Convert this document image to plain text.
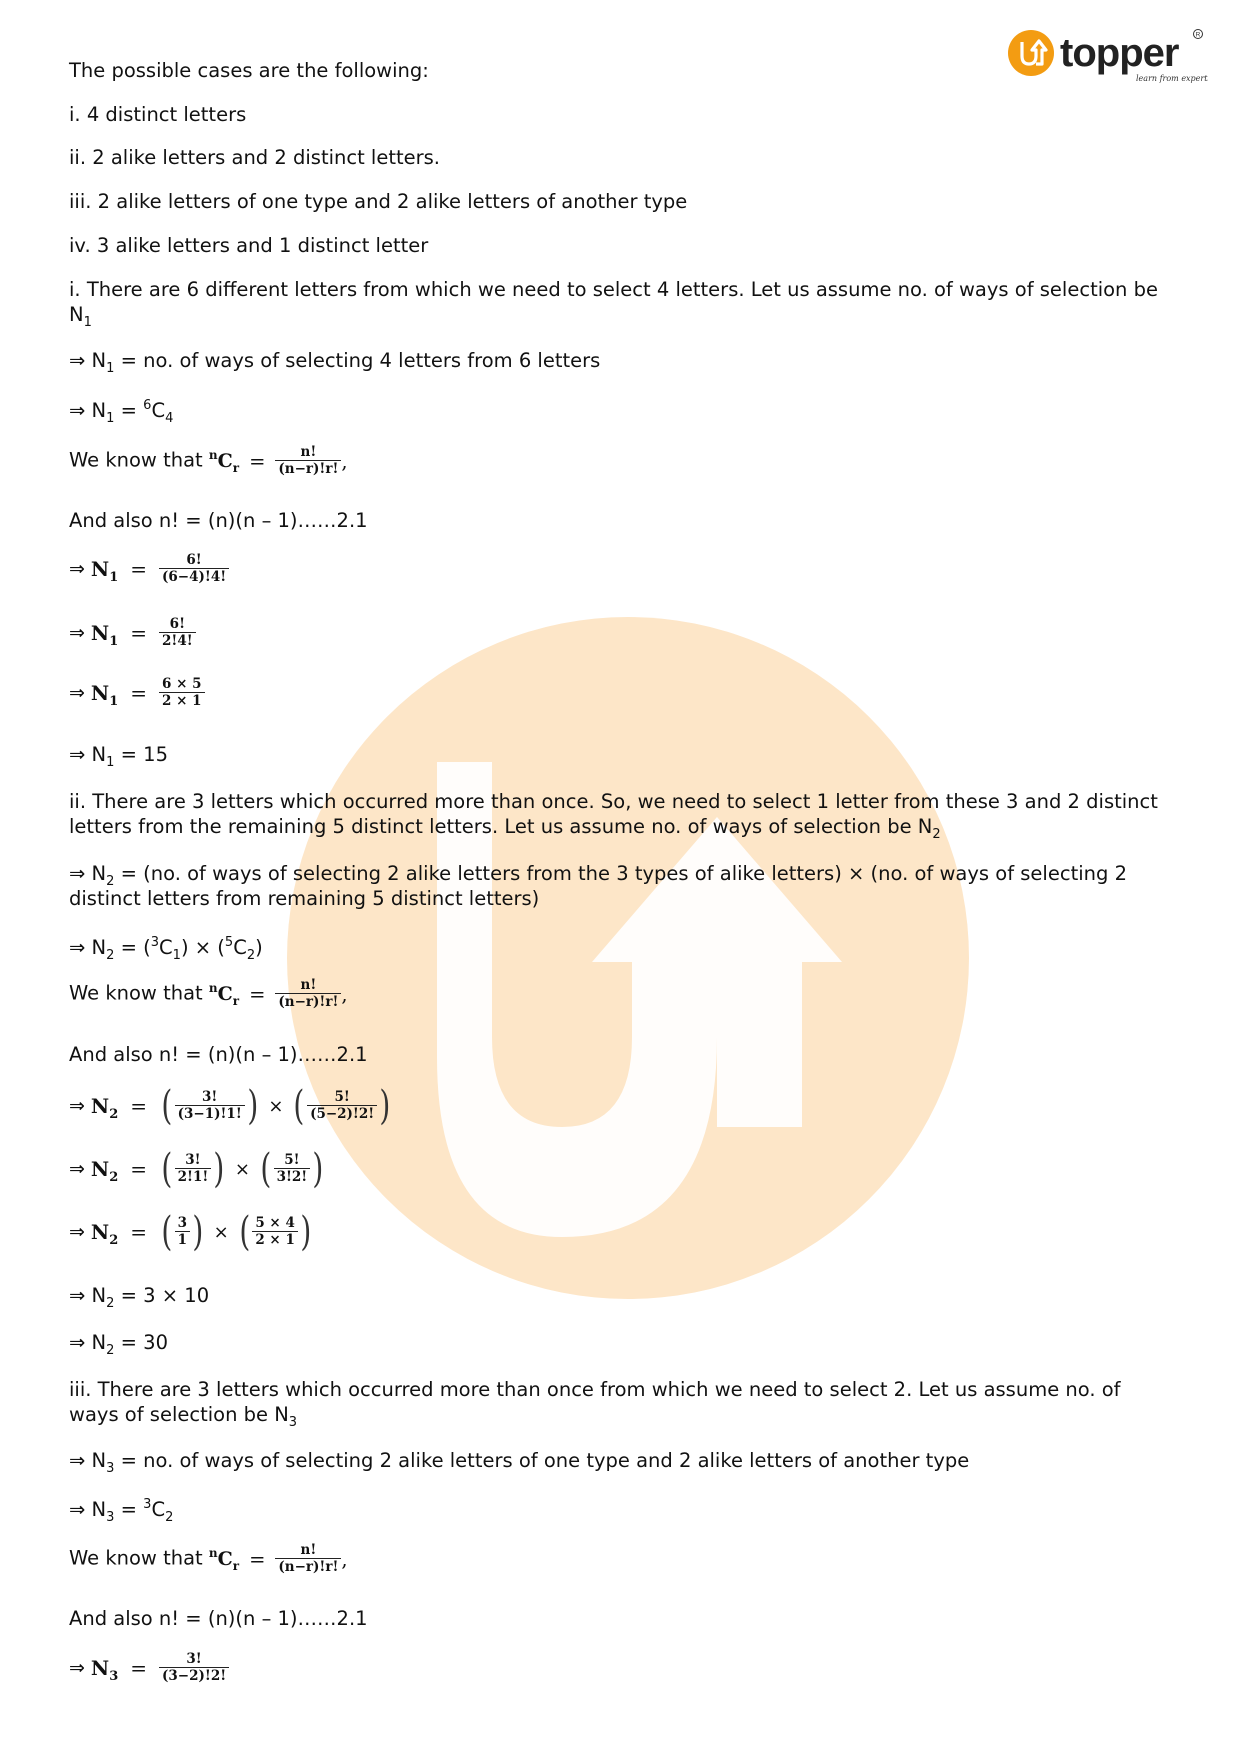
topper	R
learn from experts
The possible cases are the following:
i. 4 distinct letters
ii. 2 alike letters and 2 distinct letters.
iii. 2 alike letters of one type and 2 alike letters of another type
iv. 3 alike letters and 1 distinct letter
i. There are 6 different letters from which we need to select 4 letters. Let us assume no. of ways of selection be $N_1$
⇒ $N_1$ = no. of ways of selecting 4 letters from 6 letters
⇒ $N_1 = ^6C_4$
We know that $^nC_r = \frac{n!}{(n-r)!r!}$ ,
And also n! = (n)(n – 1)……2.1
⇒ $N_1 = \frac{6!}{(6-4)!4!}$
⇒ $N_1 = \frac{6!}{2!4!}$
⇒ $N_1 = \frac{6 \times 5}{2 \times 1}$
⇒ $N_1 = 15$
ii. There are 3 letters which occurred more than once. So, we need to select 1 letter from these 3 and 2 distinct letters from the remaining 5 distinct letters. Let us assume no. of ways of selection be $N_2$
⇒ $N_2 = (no$. of ways of selecting 2 alike letters from the 3 types of alike letters) × (no. of ways of selecting 2 distinct letters from remaining 5 distinct letters)
⇒ $N_2 = (^3C_1) \times (^5C_2)$
We know that $^nC_r = \frac{n!}{(n-r)!r!}$ ,
And also n! = (n)(n – 1)……2.1
⇒ $N_2$ = ( $\frac{3!}{(3-1)!1!}$ ) × ( $\frac{5!}{(5-2)!2!}$ )
⇒ $N_2$ = ( $\frac{3!}{2!1!}$ ) × ( $\frac{5!}{3!2!}$ )
⇒ $N_2$ = ( $\frac{3}{1}$ ) × ( $\frac{5 \times 4}{2 \times 1}$ )
⇒ $N_2 = 3 \times 10$
⇒ $N_2 = 30$
iii. There are 3 letters which occurred more than once from which we need to select 2. Let us assume no. of ways of selection be $N_3$
⇒ $N_3$ = no. of ways of selecting 2 alike letters of one type and 2 alike letters of another type
⇒ $N_3 = ^3C_2$
We know that $^nC_r = \frac{n!}{(n-r)!r!}$ ,
And also n! = (n)(n – 1)……2.1
⇒ $N_3 = \frac{3!}{(3-2)!2!}$
